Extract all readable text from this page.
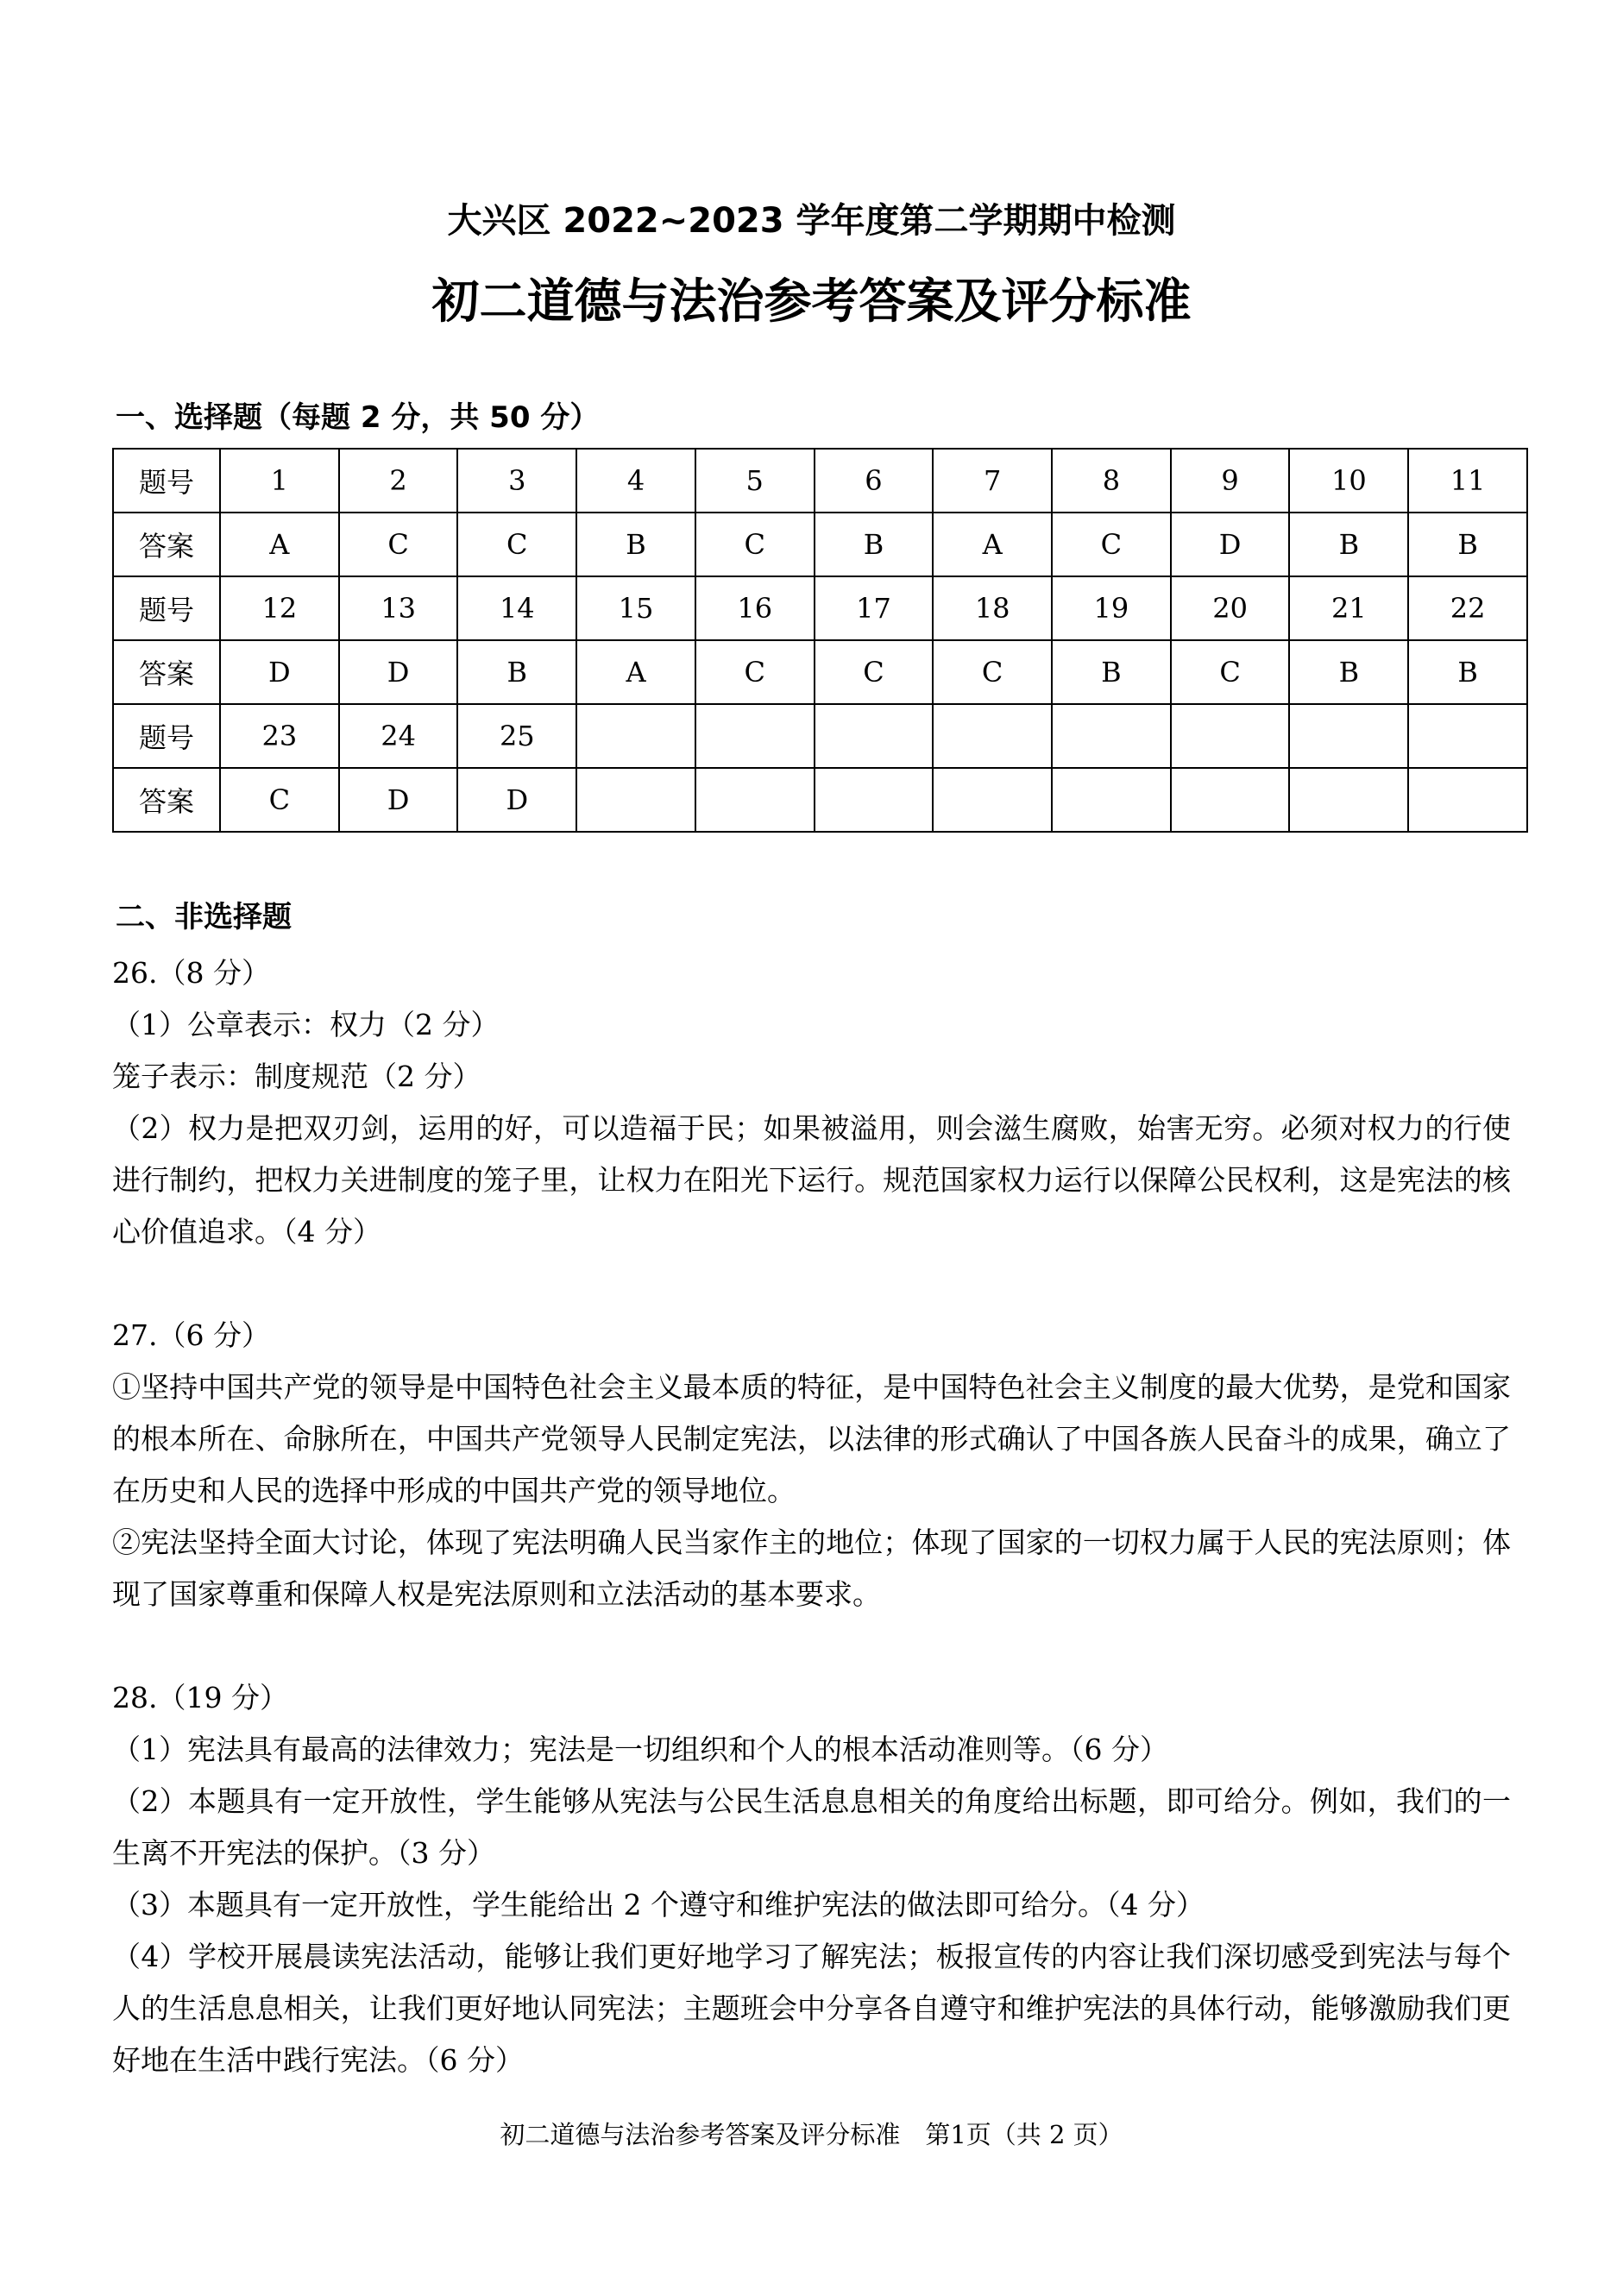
大兴区 2022~2023 学年度第二学期期中检测
初二道德与法治参考答案及评分标准
一、选择题（每题 2 分，共 50 分）
题号	1	2	3	4	5	6	7	8	9	10	11
答案	A	C	C	B	C	B	A	C	D	B	B
题号	12	13	14	15	16	17	18	19	20	21	22
答案	D	D	B	A	C	C	C	B	C	B	B
题号	23	24	25								
答案	C	D	D								
二、非选择题

26.（8 分）

（1）公章表示：权力（2 分）

笼子表示：制度规范（2 分）

（2）权力是把双刃剑，运用的好，可以造福于民；如果被溢用，则会滋生腐败，始害无穷。必须对权力的行使进行制约，把权力关进制度的笼子里，让权力在阳光下运行。规范国家权力运行以保障公民权利，这是宪法的核心价值追求。（4 分）

27.（6 分）

①坚持中国共产党的领导是中国特色社会主义最本质的特征，是中国特色社会主义制度的最大优势，是党和国家的根本所在、命脉所在，中国共产党领导人民制定宪法，以法律的形式确认了中国各族人民奋斗的成果，确立了在历史和人民的选择中形成的中国共产党的领导地位。

②宪法坚持全面大讨论，体现了宪法明确人民当家作主的地位；体现了国家的一切权力属于人民的宪法原则；体现了国家尊重和保障人权是宪法原则和立法活动的基本要求。

28.（19 分）

（1）宪法具有最高的法律效力；宪法是一切组织和个人的根本活动准则等。（6 分）

（2）本题具有一定开放性，学生能够从宪法与公民生活息息相关的角度给出标题，即可给分。例如，我们的一生离不开宪法的保护。（3 分）

（3）本题具有一定开放性，学生能给出 2 个遵守和维护宪法的做法即可给分。（4 分）

（4）学校开展晨读宪法活动，能够让我们更好地学习了解宪法；板报宣传的内容让我们深切感受到宪法与每个人的生活息息相关，让我们更好地认同宪法；主题班会中分享各自遵守和维护宪法的具体行动，能够激励我们更好地在生活中践行宪法。（6 分）

初二道德与法治参考答案及评分标准　第1页（共 2 页）
